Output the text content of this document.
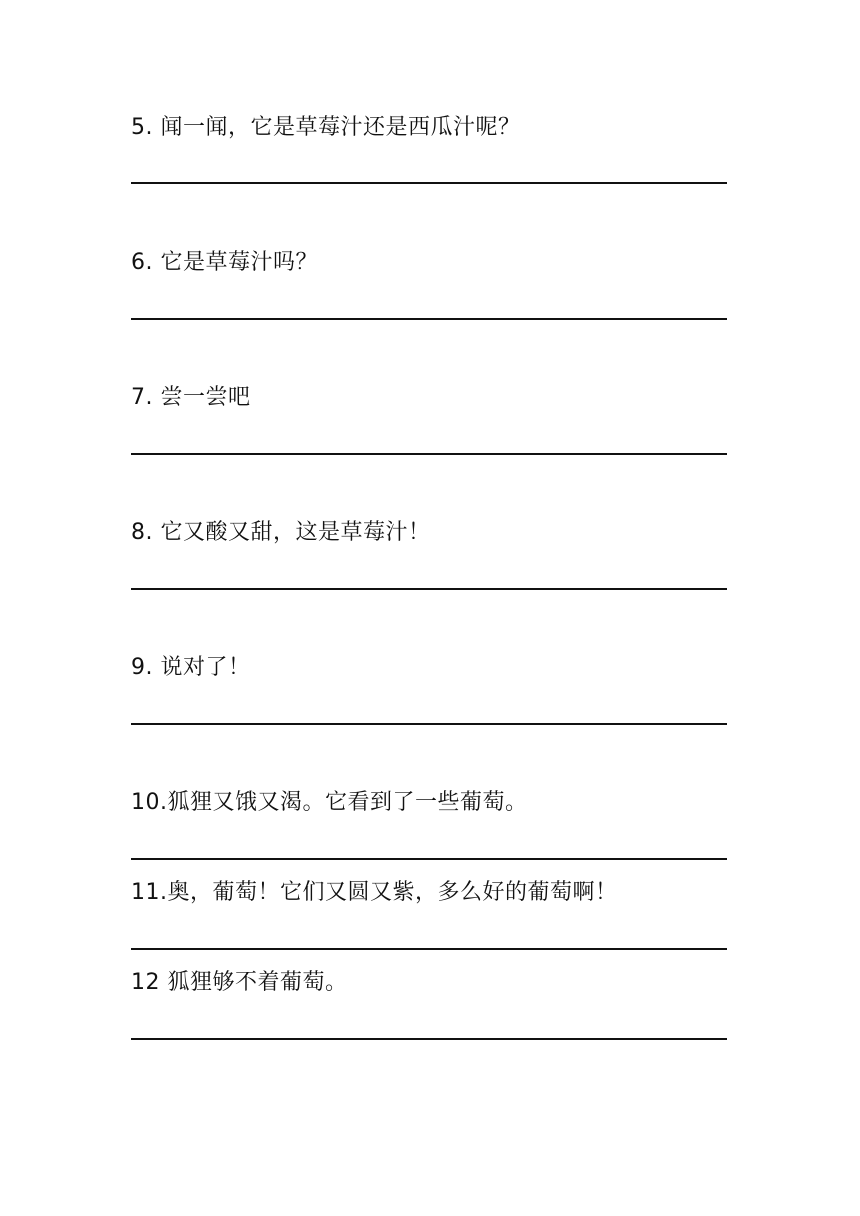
5. 闻一闻，它是草莓汁还是西瓜汁呢？
6. 它是草莓汁吗？
7. 尝一尝吧
8. 它又酸又甜，这是草莓汁！
9. 说对了！
10.狐狸又饿又渴。它看到了一些葡萄。
11.奥，葡萄！它们又圆又紫，多么好的葡萄啊！
12 狐狸够不着葡萄。
